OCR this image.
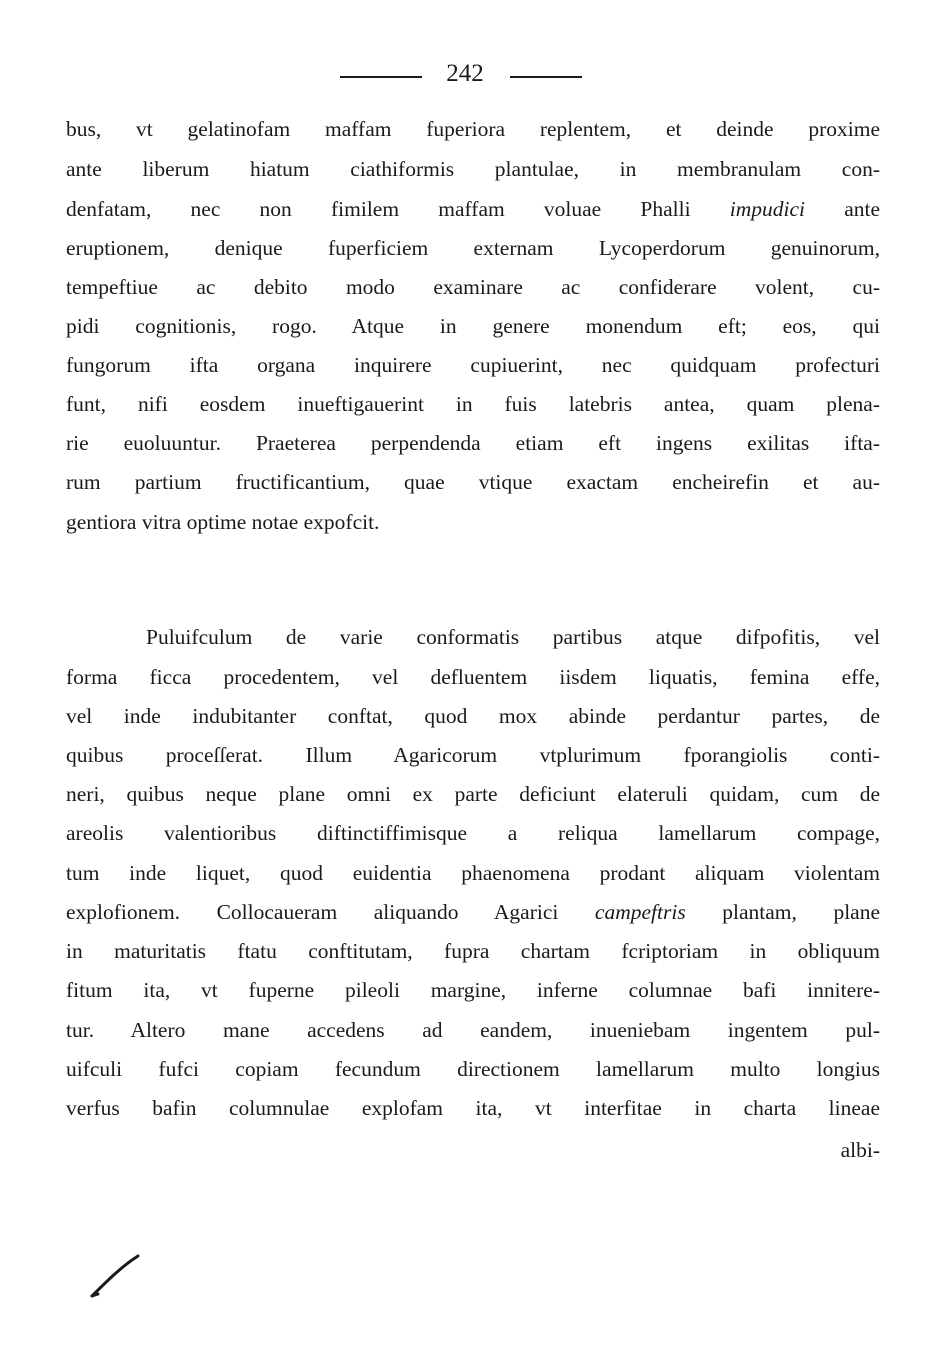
242
bus, vt gelatinofam maffam fuperiora replentem, et deinde proxime
ante liberum hiatum ciathiformis plantulae, in membranulam con-
denfatam, nec non fimilem maffam voluae Phalli impudici ante
eruptionem, denique fuperficiem externam Lycoperdorum genuinorum,
tempeftiue ac debito modo examinare ac confiderare volent, cu-
pidi cognitionis, rogo. Atque in genere monendum eft; eos, qui
fungorum ifta organa inquirere cupiuerint, nec quidquam profecturi
funt, nifi eosdem inueftigauerint in fuis latebris antea, quam plena-
rie euoluuntur. Praeterea perpendenda etiam eft ingens exilitas ifta-
rum partium fructificantium, quae vtique exactam encheirefin et au-
gentiora vitra optime notae expofcit.
Puluifculum de varie conformatis partibus atque difpofitis, vel
forma ficca procedentem, vel defluentem iisdem liquatis, femina effe,
vel inde indubitanter conftat, quod mox abinde perdantur partes, de
quibus proceſſerat. Illum Agaricorum vtplurimum fporangiolis conti-
neri, quibus neque plane omni ex parte deficiunt elateruli quidam, cum de
areolis valentioribus diftinctiffimisque a reliqua lamellarum compage,
tum inde liquet, quod euidentia phaenomena prodant aliquam violentam
explofionem. Collocaueram aliquando Agarici campeftris plantam, plane
in maturitatis ftatu conftitutam, fupra chartam fcriptoriam in obliquum
fitum ita, vt fuperne pileoli margine, inferne columnae bafi innitere-
tur. Altero mane accedens ad eandem, inueniebam ingentem pul-
uifculi fufci copiam fecundum directionem lamellarum multo longius
verfus bafin columnulae explofam ita, vt interfitae in charta lineae
albi-
